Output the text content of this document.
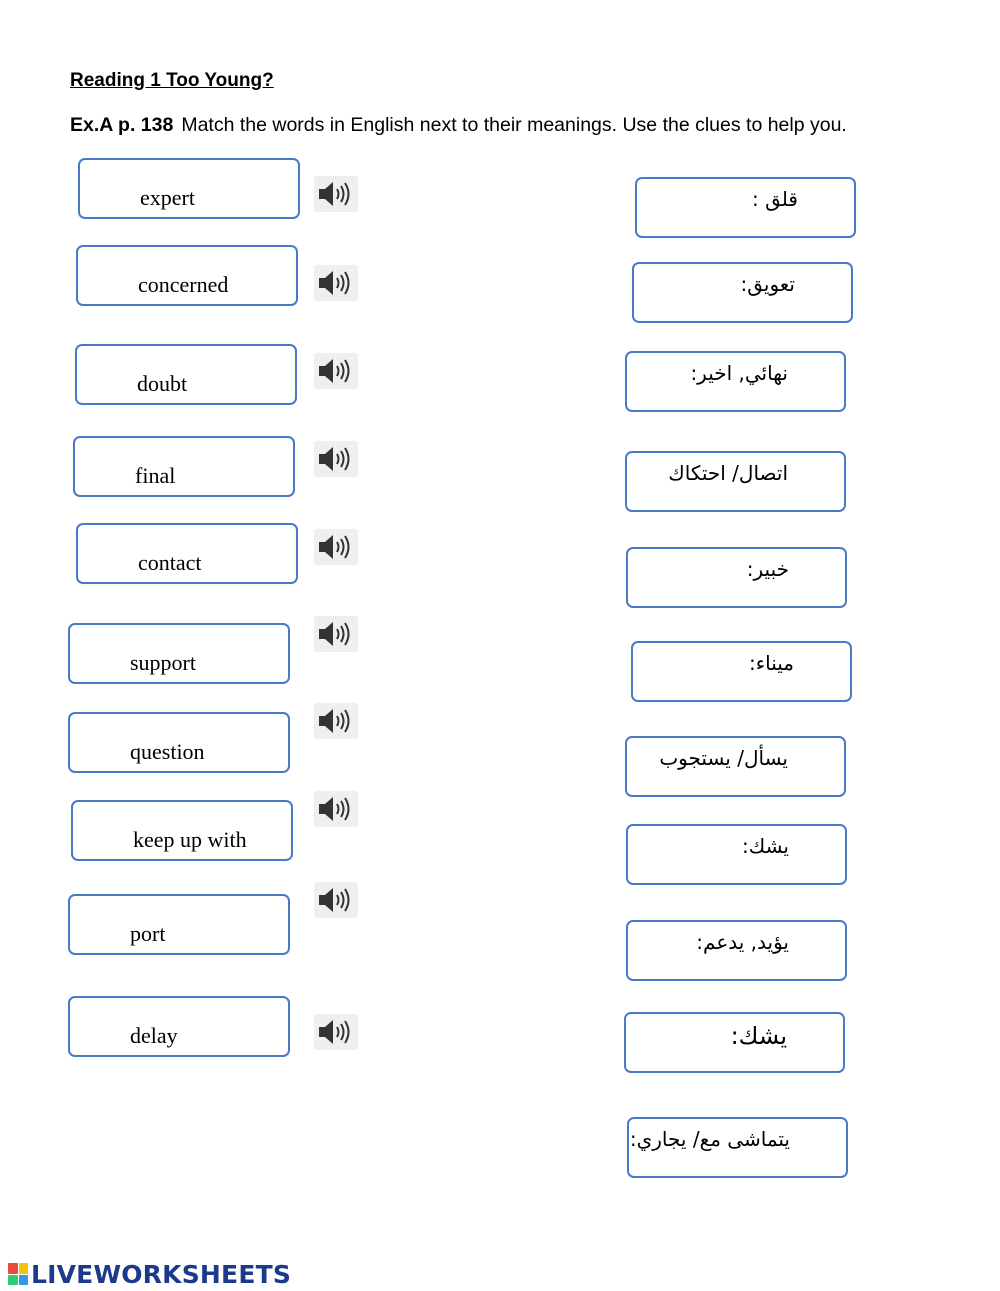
Reading 1 Too Young?
Ex.A p. 138 Match the words in English next to their meanings. Use the clues to help you.
expert
concerned
doubt
final
contact
support
question
keep up with
port
delay
قلق :
تعويق:
نهائي, اخير:
اتصال/ احتكاك
خبير:
ميناء:
يسأل/ يستجوب
يشك:
يؤيد, يدعم:
يشك:
يتماشى مع/ يجاري:
LIVEWORKSHEETS
